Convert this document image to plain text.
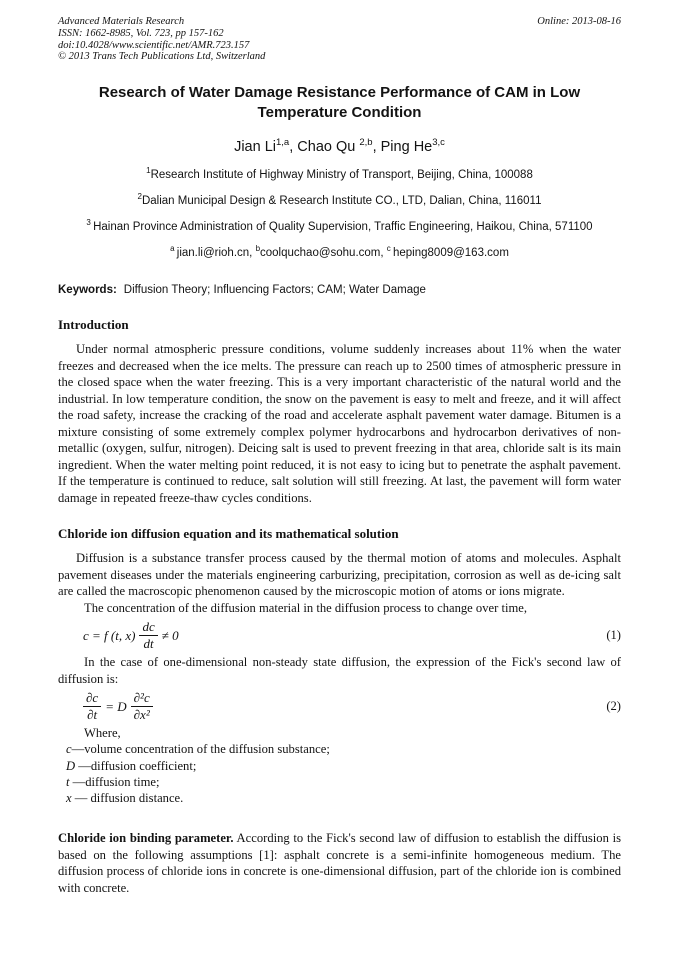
Advanced Materials Research
ISSN: 1662-8985, Vol. 723, pp 157-162
doi:10.4028/www.scientific.net/AMR.723.157
© 2013 Trans Tech Publications Ltd, Switzerland
Online: 2013-08-16
Research of Water Damage Resistance Performance of CAM in Low Temperature Condition
Jian Li$^{1,a}$, Chao Qu $^{2,b}$, Ping He$^{3,c}$
$^1$Research Institute of Highway Ministry of Transport, Beijing, China, 100088
$^2$Dalian Municipal Design & Research Institute CO., LTD, Dalian, China, 116011
$^3$ Hainan Province Administration of Quality Supervision, Traffic Engineering, Haikou, China, 571100
$^a$ jian.li@rioh.cn, $^b$coolquchao@sohu.com, $^c$ heping8009@163.com
Keywords: Diffusion Theory; Influencing Factors; CAM; Water Damage
Introduction

Under normal atmospheric pressure conditions, volume suddenly increases about 11% when the water freezes and decreased when the ice melts. The pressure can reach up to 2500 times of atmospheric pressure in the closed space when the water freezing. This is a very important characteristic of the natural world and the industrial. In low temperature condition, the snow on the pavement is easy to melt and freeze, and it will affect the road safety, increase the cracking of the road and accelerate asphalt pavement water damage. Bitumen is a mixture consisting of some extremely complex polymer hydrocarbons and hydrocarbon derivatives of non-metallic (oxygen, sulfur, nitrogen). Deicing salt is used to prevent freezing in that area, chloride salt is its main ingredient. When the water melting point reduced, it is not easy to icing but to penetrate the asphalt pavement. If the temperature is continued to reduce, salt solution will still freezing. At last, the pavement will form water damage in repeated freeze-thaw cycles conditions.

Chloride ion diffusion equation and its mathematical solution

Diffusion is a substance transfer process caused by the thermal motion of atoms and molecules. Asphalt pavement diseases under the materials engineering carburizing, precipitation, corrosion as well as de-icing salt are called the macroscopic phenomenon caused by the microscopic motion of atoms or ions migrate.

The concentration of the diffusion material in the diffusion process to change over time,

c = f (t, $x) \frac{dc}{dt} \ne 0$	(1)

In the case of one-dimensional non-steady state diffusion, the expression of the Fick's second law of diffusion is:

$\frac{\partial c}{\partial t} = D \frac{\text{∂²c}}{\text{∂x²}}$	(2)

Where,

c—volume concentration of the diffusion substance;

D —diffusion coefficient;

t —diffusion time;

x — diffusion distance.

Chloride ion binding parameter. According to the Fick's second law of diffusion to establish the diffusion is based on the following assumptions [1]: asphalt concrete is a semi-infinite homogeneous medium. The diffusion process of chloride ions in concrete is one-dimensional diffusion, part of the chloride ion is combined with concrete.
